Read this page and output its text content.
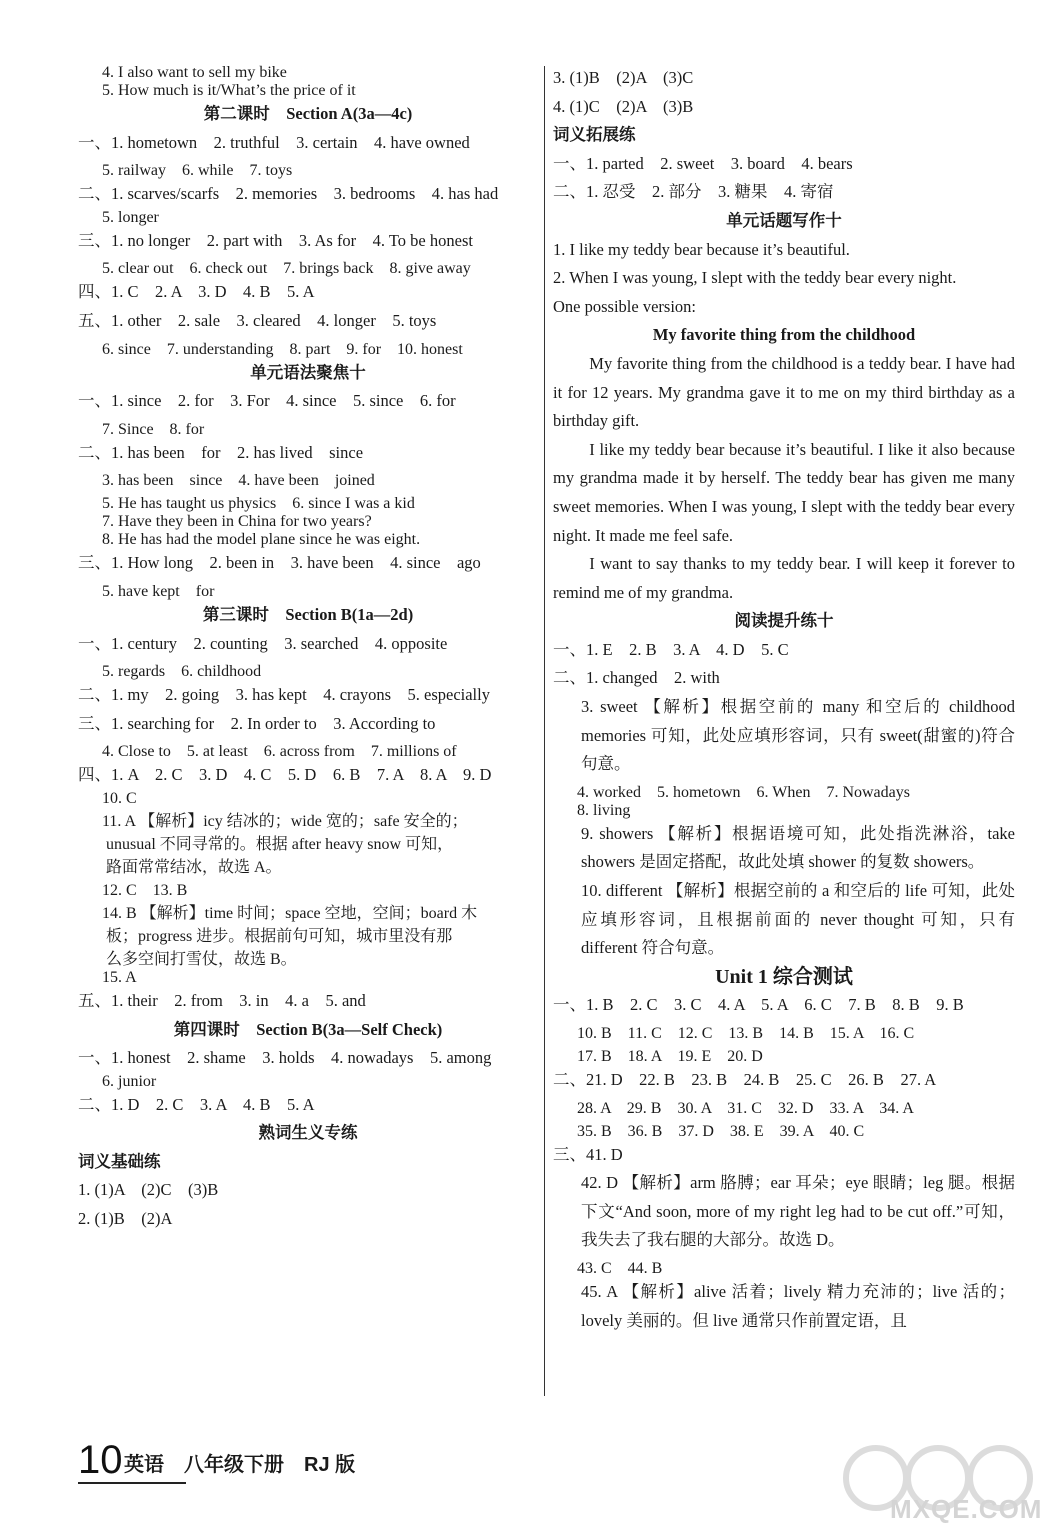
4. I also want to sell my bike
5. How much is it/What’s the price of it
第二课时　Section A(3a—4c)
一、1. hometown　2. truthful　3. certain　4. have owned
5. railway　6. while　7. toys
二、1. scarves/scarfs　2. memories　3. bedrooms　4. has had
5. longer
三、1. no longer　2. part with　3. As for　4. To be honest
5. clear out　6. check out　7. brings back　8. give away
四、1. C　2. A　3. D　4. B　5. A
五、1. other　2. sale　3. cleared　4. longer　5. toys
6. since　7. understanding　8. part　9. for　10. honest
单元语法聚焦十
一、1. since　2. for　3. For　4. since　5. since　6. for
7. Since　8. for
二、1. has been　for　2. has lived　since
3. has been　since　4. have been　joined
5. He has taught us physics　6. since I was a kid
7. Have they been in China for two years?
8. He has had the model plane since he was eight.
三、1. How long　2. been in　3. have been　4. since　ago
5. have kept　for
第三课时　Section B(1a—2d)
一、1. century　2. counting　3. searched　4. opposite
5. regards　6. childhood
二、1. my　2. going　3. has kept　4. crayons　5. especially
三、1. searching for　2. In order to　3. According to
4. Close to　5. at least　6. across from　7. millions of
四、1. A　2. C　3. D　4. C　5. D　6. B　7. A　8. A　9. D
10. C
11. A 【解析】icy 结冰的；wide 宽的；safe 安全的；
unusual 不同寻常的。根据 after heavy snow 可知，
路面常常结冰，故选 A。
12. C　13. B
14. B 【解析】time 时间；space 空地，空间；board 木
板；progress 进步。根据前句可知，城市里没有那
么多空间打雪仗，故选 B。
15. A
五、1. their　2. from　3. in　4. a　5. and
第四课时　Section B(3a—Self Check)
一、1. honest　2. shame　3. holds　4. nowadays　5. among
6. junior
二、1. D　2. C　3. A　4. B　5. A
熟词生义专练
词义基础练
1. (1)A　(2)C　(3)B
2. (1)B　(2)A
3. (1)B　(2)A　(3)C
4. (1)C　(2)A　(3)B
词义拓展练
一、1. parted　2. sweet　3. board　4. bears
二、1. 忍受　2. 部分　3. 糖果　4. 寄宿
单元话题写作十
1. I like my teddy bear because it’s beautiful.
2. When I was young, I slept with the teddy bear every night.
One possible version:
My favorite thing from the childhood

My favorite thing from the childhood is a teddy bear. I have had it for 12 years. My grandma gave it to me on my third birthday as a birthday gift.

I like my teddy bear because it’s beautiful. I like it also because my grandma made it by herself. The teddy bear has given me many sweet memories. When I was young, I slept with the teddy bear every night. It made me feel safe.

I want to say thanks to my teddy bear. I will keep it forever to remind me of my grandma.

阅读提升练十
一、1. E　2. B　3. A　4. D　5. C
二、1. changed　2. with
3. sweet 【解析】根据空前的 many 和空后的 childhood memories 可知，此处应填形容词，只有 sweet(甜蜜的)符合句意。
4. worked　5. hometown　6. When　7. Nowadays
8. living
9. showers 【解析】根据语境可知，此处指洗淋浴，take showers 是固定搭配，故此处填 shower 的复数 showers。
10. different 【解析】根据空前的 a 和空后的 life 可知，此处应填形容词，且根据前面的 never thought 可知，只有 different 符合句意。
Unit 1 综合测试
一、1. B　2. C　3. C　4. A　5. A　6. C　7. B　8. B　9. B
10. B　11. C　12. C　13. B　14. B　15. A　16. C
17. B　18. A　19. E　20. D
二、21. D　22. B　23. B　24. B　25. C　26. B　27. A
28. A　29. B　30. A　31. C　32. D　33. A　34. A
35. B　36. B　37. D　38. E　39. A　40. C
三、41. D
42. D 【解析】arm 胳膊；ear 耳朵；eye 眼睛；leg 腿。根据下文“And soon, more of my right leg had to be cut off.”可知，我失去了我右腿的大部分。故选 D。
43. C　44. B
45. A 【解析】alive 活着；lively 精力充沛的；live 活的；lovely 美丽的。但 live 通常只作前置定语，且
10 英语　八年级下册　RJ 版
MXQE.COM
